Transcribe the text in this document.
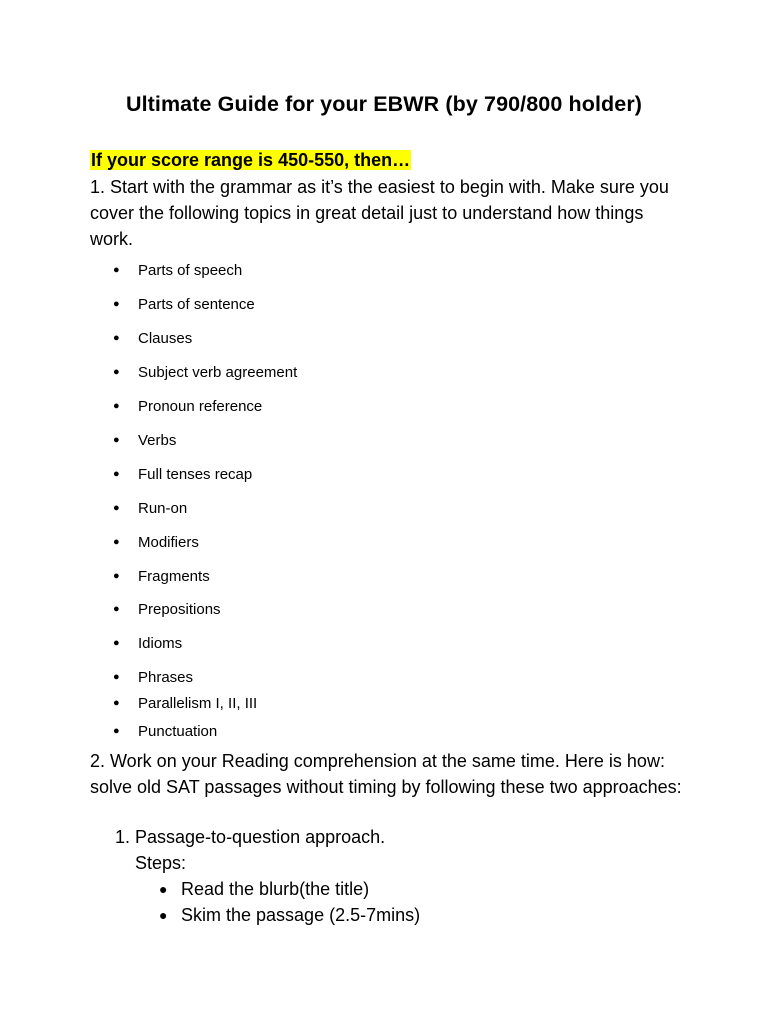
Ultimate Guide for your EBWR (by 790/800 holder)
If your score range is 450-550, then…
1. Start with the grammar as it’s the easiest to begin with. Make sure you cover the following topics in great detail just to understand how things work.
● Parts of speech
● Parts of sentence
● Clauses
● Subject verb agreement
● Pronoun reference
● Verbs
● Full tenses recap
● Run-on
● Modifiers
● Fragments
● Prepositions
● Idioms
● Phrases
● Parallelism I, II, III
● Punctuation
2. Work on your Reading comprehension at the same time. Here is how: solve old SAT passages without timing by following these two approaches:
1. Passage-to-question approach.
Steps:
● Read the blurb(the title)
● Skim the passage (2.5-7mins)
